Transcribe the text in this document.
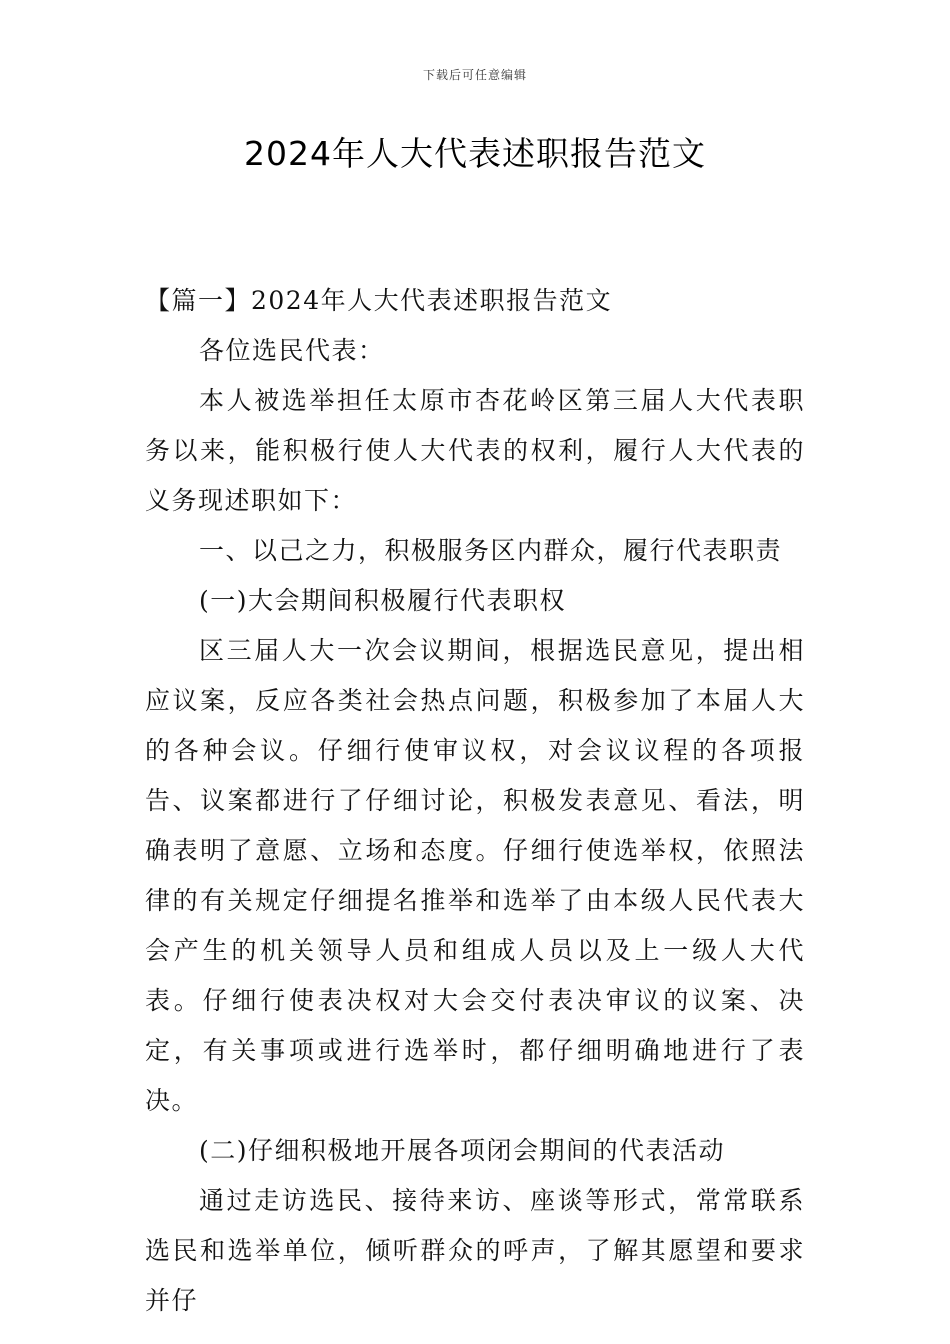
下载后可任意编辑
2024年人大代表述职报告范文

【篇一】2024年人大代表述职报告范文

各位选民代表：

本人被选举担任太原市杏花岭区第三届人大代表职务以来，能积极行使人大代表的权利，履行人大代表的义务现述职如下：

一、以己之力，积极服务区内群众，履行代表职责

(一)大会期间积极履行代表职权

区三届人大一次会议期间，根据选民意见，提出相应议案，反应各类社会热点问题，积极参加了本届人大的各种会议。仔细行使审议权，对会议议程的各项报告、议案都进行了仔细讨论，积极发表意见、看法，明确表明了意愿、立场和态度。仔细行使选举权，依照法律的有关规定仔细提名推举和选举了由本级人民代表大会产生的机关领导人员和组成人员以及上一级人大代表。仔细行使表决权对大会交付表决审议的议案、决定，有关事项或进行选举时，都仔细明确地进行了表决。

(二)仔细积极地开展各项闭会期间的代表活动

通过走访选民、接待来访、座谈等形式，常常联系选民和选举单位，倾听群众的呼声，了解其愿望和要求并仔
